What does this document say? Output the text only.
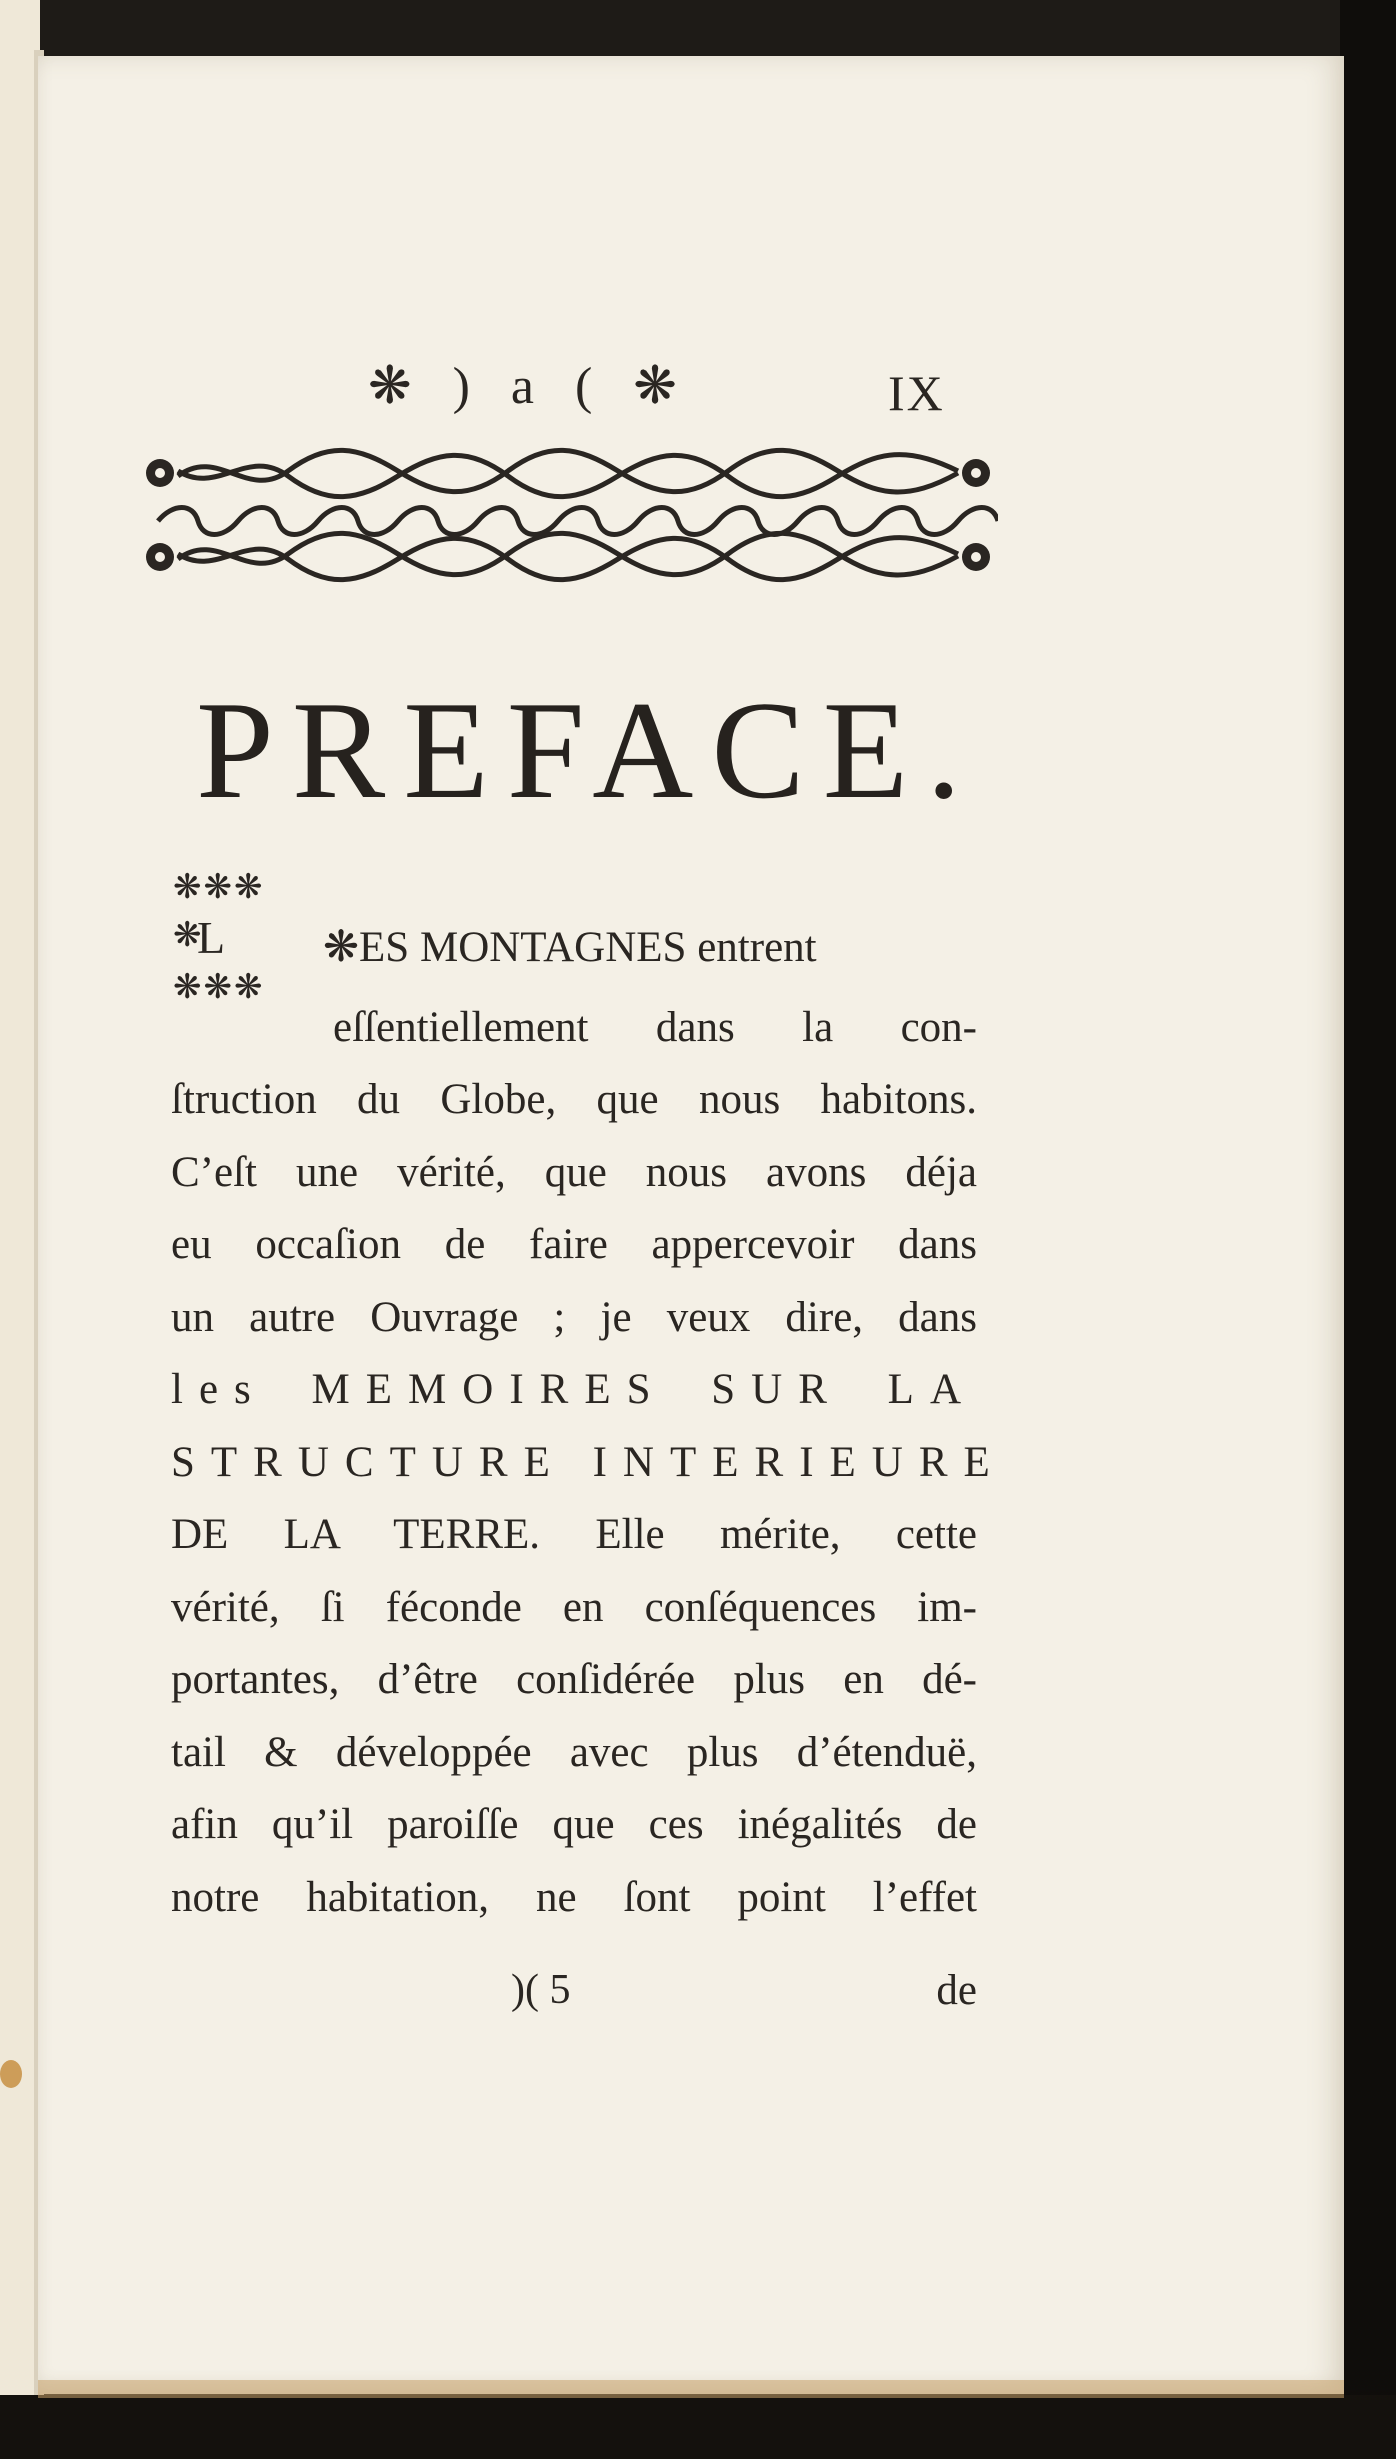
❋ ) a ( ❋	IX
PREFACE.
❋❋❋
❋❋❋
❋
L ❋ES MONTAGNES entrent
eſſentiellement dans la con-
ſtruction du Globe, que nous habitons.
C’eſt une vérité, que nous avons déja
eu occaſion de faire appercevoir dans
un autre Ouvrage ; je veux dire, dans
les MEMOIRES SUR LA
STRUCTURE INTERIEURE
DE LA TERRE. Elle mérite, cette
vérité, ſi féconde en conſéquences im-
portantes, d’être conſidérée plus en dé-
tail & développée avec plus d’étenduë,
afin qu’il paroiſſe que ces inégalités de
notre habitation, ne ſont point l’effet
)( 5	de
